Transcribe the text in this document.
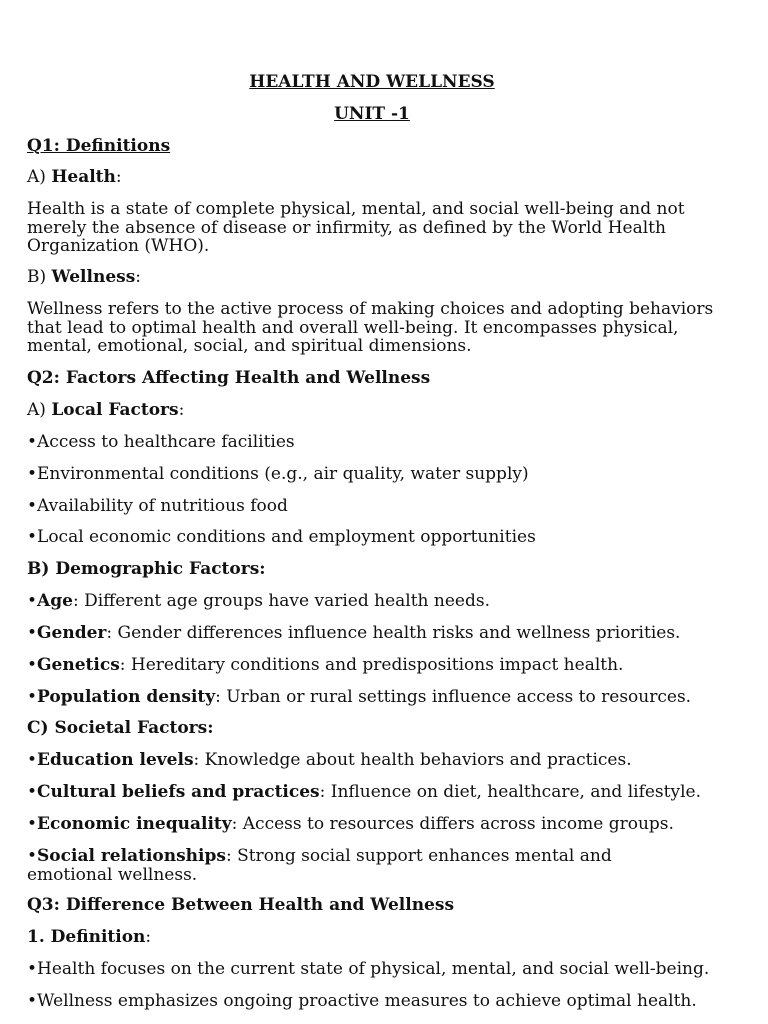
HEALTH AND WELLNESS
UNIT -1
Q1: Definitions
A) Health:
Health is a state of complete physical, mental, and social well-being and not merely the absence of disease or infirmity, as defined by the World Health Organization (WHO).
B) Wellness:
Wellness refers to the active process of making choices and adopting behaviors that lead to optimal health and overall well-being. It encompasses physical, mental, emotional, social, and spiritual dimensions.
Q2: Factors Affecting Health and Wellness
A) Local Factors:
•Access to healthcare facilities
•Environmental conditions (e.g., air quality, water supply)
•Availability of nutritious food
•Local economic conditions and employment opportunities
B) Demographic Factors:
•Age: Different age groups have varied health needs.
•Gender: Gender differences influence health risks and wellness priorities.
•Genetics: Hereditary conditions and predispositions impact health.
•Population density: Urban or rural settings influence access to resources.
C) Societal Factors:
•Education levels: Knowledge about health behaviors and practices.
•Cultural beliefs and practices: Influence on diet, healthcare, and lifestyle.
•Economic inequality: Access to resources differs across income groups.
•Social relationships: Strong social support enhances mental and emotional wellness.
Q3: Difference Between Health and Wellness
1. Definition:
•Health focuses on the current state of physical, mental, and social well-being.
•Wellness emphasizes ongoing proactive measures to achieve optimal health.
